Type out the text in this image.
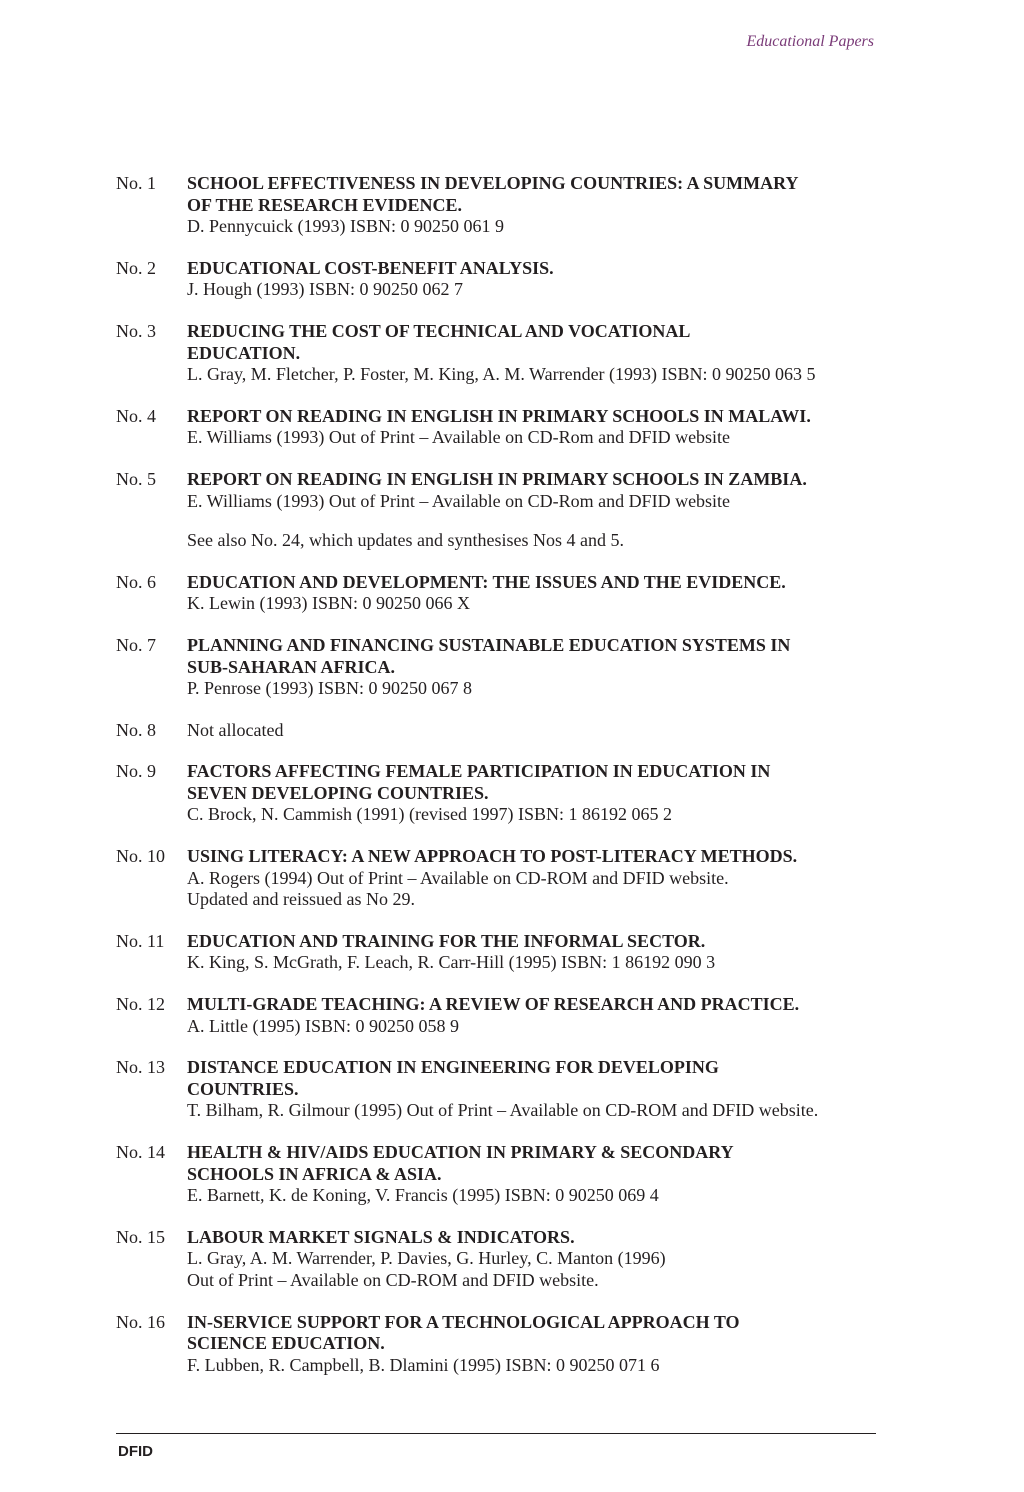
Educational Papers
No. 1	SCHOOL EFFECTIVENESS IN DEVELOPING COUNTRIES: A SUMMARY
OF THE RESEARCH EVIDENCE.
D. Pennycuick (1993) ISBN: 0 90250 061 9
No. 2	EDUCATIONAL COST-BENEFIT ANALYSIS.
J. Hough (1993) ISBN: 0 90250 062 7
No. 3	REDUCING THE COST OF TECHNICAL AND VOCATIONAL
EDUCATION.
L. Gray, M. Fletcher, P. Foster, M. King, A. M. Warrender (1993) ISBN: 0 90250 063 5
No. 4	REPORT ON READING IN ENGLISH IN PRIMARY SCHOOLS IN MALAWI.
E. Williams (1993) Out of Print – Available on CD-Rom and DFID website
No. 5	REPORT ON READING IN ENGLISH IN PRIMARY SCHOOLS IN ZAMBIA.
E. Williams (1993) Out of Print – Available on CD-Rom and DFID website
See also No. 24, which updates and synthesises Nos 4 and 5.
No. 6	EDUCATION AND DEVELOPMENT: THE ISSUES AND THE EVIDENCE.
K. Lewin (1993) ISBN: 0 90250 066 X
No. 7	PLANNING AND FINANCING SUSTAINABLE EDUCATION SYSTEMS IN
SUB-SAHARAN AFRICA.
P. Penrose (1993) ISBN: 0 90250 067 8
No. 8	Not allocated
No. 9	FACTORS AFFECTING FEMALE PARTICIPATION IN EDUCATION IN
SEVEN DEVELOPING COUNTRIES.
C. Brock, N. Cammish (1991) (revised 1997) ISBN: 1 86192 065 2
No. 10	USING LITERACY: A NEW APPROACH TO POST-LITERACY METHODS.
A. Rogers (1994) Out of Print – Available on CD-ROM and DFID website.
Updated and reissued as No 29.
No. 11	EDUCATION AND TRAINING FOR THE INFORMAL SECTOR.
K. King, S. McGrath, F. Leach, R. Carr-Hill (1995) ISBN: 1 86192 090 3
No. 12	MULTI-GRADE TEACHING: A REVIEW OF RESEARCH AND PRACTICE.
A. Little (1995) ISBN: 0 90250 058 9
No. 13	DISTANCE EDUCATION IN ENGINEERING FOR DEVELOPING
COUNTRIES.
T. Bilham, R. Gilmour (1995) Out of Print – Available on CD-ROM and DFID website.
No. 14	HEALTH & HIV/AIDS EDUCATION IN PRIMARY & SECONDARY
SCHOOLS IN AFRICA & ASIA.
E. Barnett, K. de Koning, V. Francis (1995) ISBN: 0 90250 069 4
No. 15	LABOUR MARKET SIGNALS & INDICATORS.
L. Gray, A. M. Warrender, P. Davies, G. Hurley, C. Manton (1996)
Out of Print – Available on CD-ROM and DFID website.
No. 16	IN-SERVICE SUPPORT FOR A TECHNOLOGICAL APPROACH TO
SCIENCE EDUCATION.
F. Lubben, R. Campbell, B. Dlamini (1995) ISBN: 0 90250 071 6
DFID
